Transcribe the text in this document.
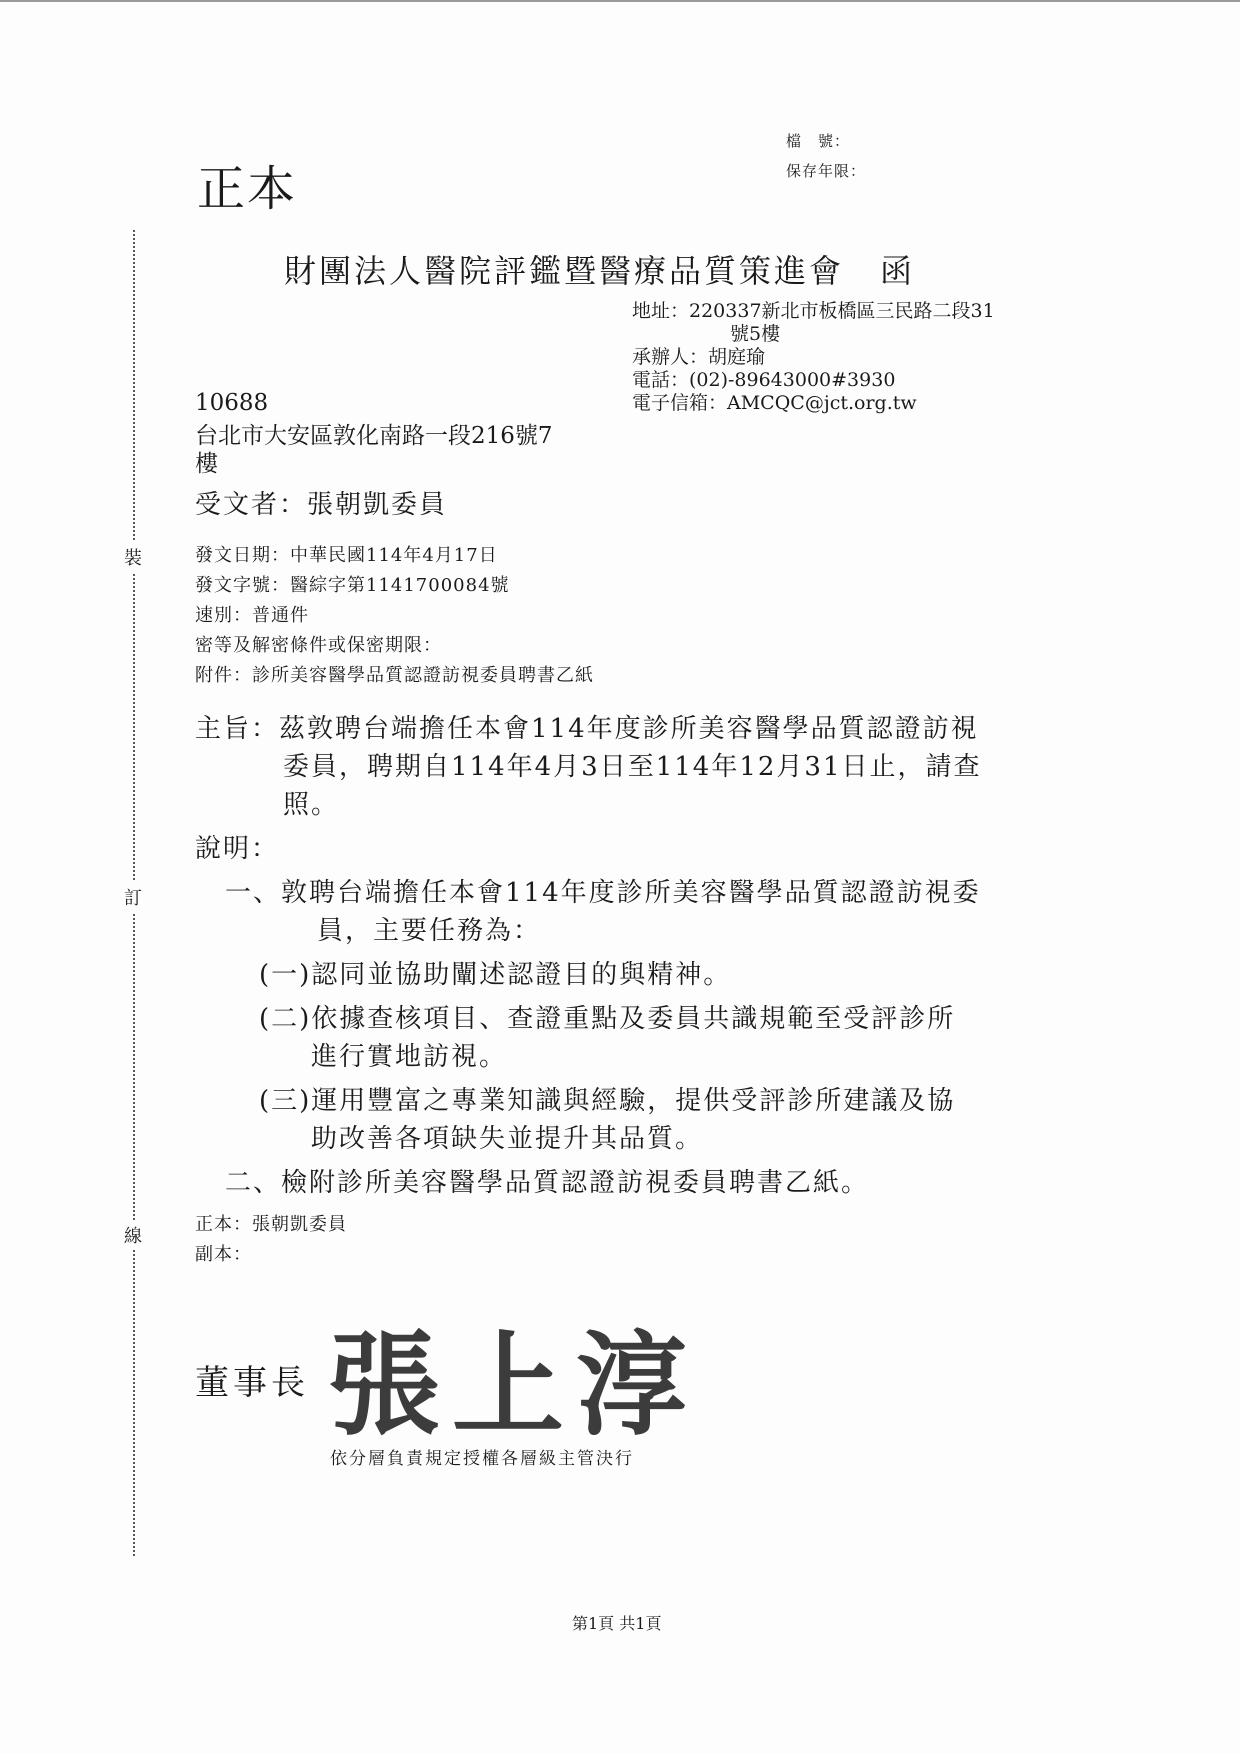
裝
訂
線
檔　號：
保存年限：
正本
財團法人醫院評鑑暨醫療品質策進會 函
地址：220337新北市板橋區三民路二段31
號5樓
承辦人：胡庭瑜
電話：(02)-89643000#3930
電子信箱：AMCQC@jct.org.tw
10688
台北市大安區敦化南路一段216號7
樓
受文者：張朝凱委員
發文日期：中華民國114年4月17日
發文字號：醫綜字第1141700084號
速別：普通件
密等及解密條件或保密期限：
附件：診所美容醫學品質認證訪視委員聘書乙紙
主旨：茲敦聘台端擔任本會114年度診所美容醫學品質認證訪視
委員，聘期自114年4月3日至114年12月31日止，請查
照。
說明：
一、敦聘台端擔任本會114年度診所美容醫學品質認證訪視委
員，主要任務為：
(一)認同並協助闡述認證目的與精神。
(二)依據查核項目、查證重點及委員共識規範至受評診所
進行實地訪視。
(三)運用豐富之專業知識與經驗，提供受評診所建議及協
助改善各項缺失並提升其品質。
二、檢附診所美容醫學品質認證訪視委員聘書乙紙。
正本：張朝凱委員
副本：
董事長 張上淳
依分層負責規定授權各層級主管決行
第1頁 共1頁
